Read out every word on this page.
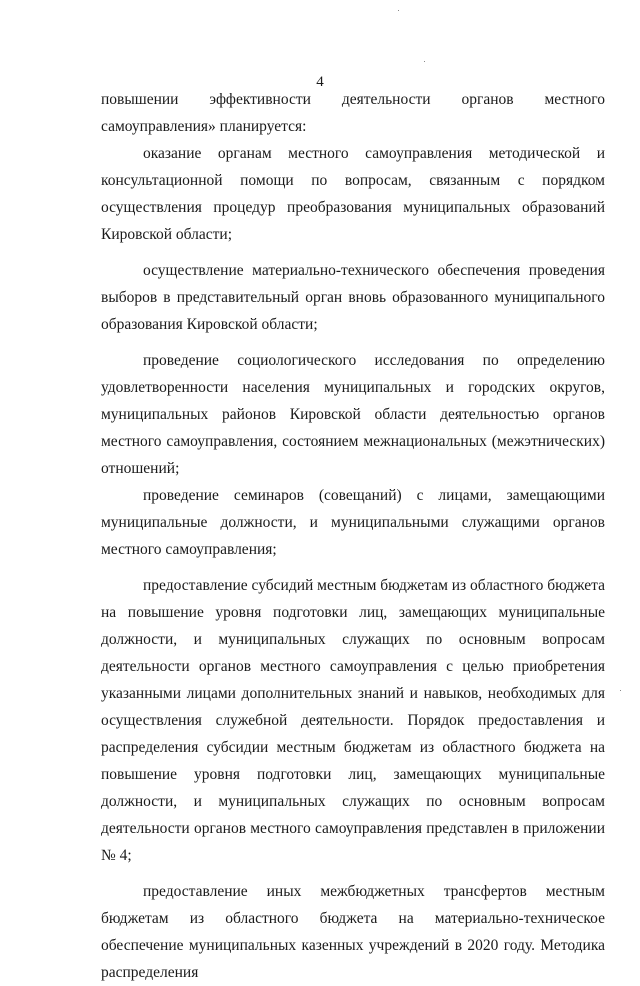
4

повышении эффективности деятельности органов местного самоуправления» планируется:

оказание органам местного самоуправления методической и консультационной помощи по вопросам, связанным с порядком осуществления процедур преобразования муниципальных образований Кировской области;

осуществление материально-технического обеспечения проведения выборов в представительный орган вновь образованного муниципального образования Кировской области;

проведение социологического исследования по определению удовлетворенности населения муниципальных и городских округов, муниципальных районов Кировской области деятельностью органов местного самоуправления, состоянием межнациональных (межэтнических) отношений;

проведение семинаров (совещаний) с лицами, замещающими муниципальные должности, и муниципальными служащими органов местного самоуправления;

предоставление субсидий местным бюджетам из областного бюджета на повышение уровня подготовки лиц, замещающих муниципальные должности, и муниципальных служащих по основным вопросам деятельности органов местного самоуправления с целью приобретения указанными лицами дополнительных знаний и навыков, необходимых для осуществления служебной деятельности. Порядок предоставления и распределения субсидии местным бюджетам из областного бюджета на повышение уровня подготовки лиц, замещающих муниципальные должности, и муниципальных служащих по основным вопросам деятельности органов местного самоуправления представлен в приложении № 4;

предоставление иных межбюджетных трансфертов местным бюджетам из областного бюджета на материально-техническое обеспечение муниципальных казенных учреждений в 2020 году. Методика распределения
